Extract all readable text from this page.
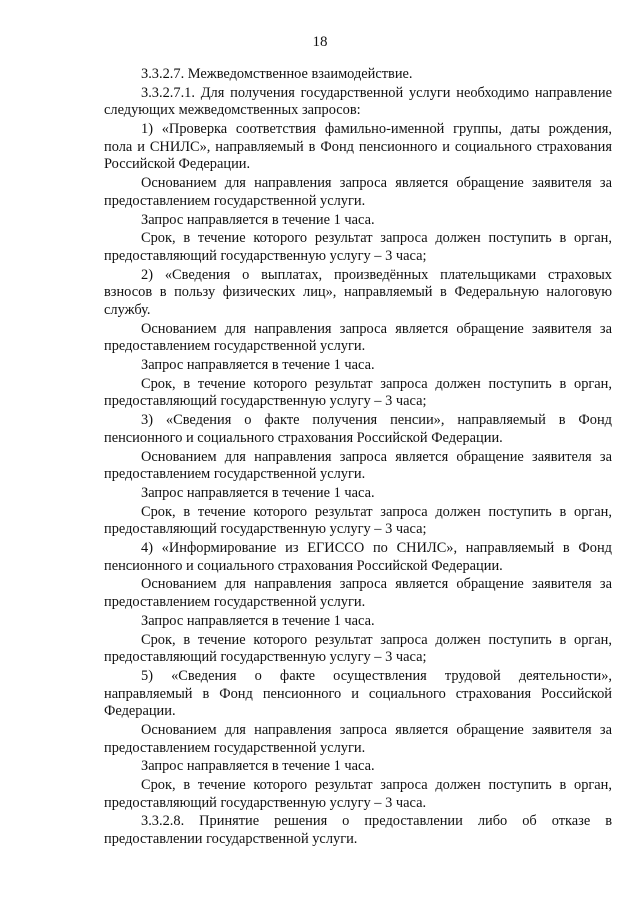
18

3.3.2.7. Межведомственное взаимодействие.

3.3.2.7.1. Для получения государственной услуги необходимо направление следующих межведомственных запросов:

1) «Проверка соответствия фамильно-именной группы, даты рождения, пола и СНИЛС», направляемый в Фонд пенсионного и социального страхования Российской Федерации.

Основанием для направления запроса является обращение заявителя за предоставлением государственной услуги.

Запрос направляется в течение 1 часа.

Срок, в течение которого результат запроса должен поступить в орган, предоставляющий государственную услугу – 3 часа;

2) «Сведения о выплатах, произведённых плательщиками страховых взносов в пользу физических лиц», направляемый в Федеральную налоговую службу.

Основанием для направления запроса является обращение заявителя за предоставлением государственной услуги.

Запрос направляется в течение 1 часа.

Срок, в течение которого результат запроса должен поступить в орган, предоставляющий государственную услугу – 3 часа;

3) «Сведения о факте получения пенсии», направляемый в Фонд пенсионного и социального страхования Российской Федерации.

Основанием для направления запроса является обращение заявителя за предоставлением государственной услуги.

Запрос направляется в течение 1 часа.

Срок, в течение которого результат запроса должен поступить в орган, предоставляющий государственную услугу – 3 часа;

4) «Информирование из ЕГИССО по СНИЛС», направляемый в Фонд пенсионного и социального страхования Российской Федерации.

Основанием для направления запроса является обращение заявителя за предоставлением государственной услуги.

Запрос направляется в течение 1 часа.

Срок, в течение которого результат запроса должен поступить в орган, предоставляющий государственную услугу – 3 часа;

5) «Сведения о факте осуществления трудовой деятельности», направляемый в Фонд пенсионного и социального страхования Российской Федерации.

Основанием для направления запроса является обращение заявителя за предоставлением государственной услуги.

Запрос направляется в течение 1 часа.

Срок, в течение которого результат запроса должен поступить в орган, предоставляющий государственную услугу – 3 часа.

3.3.2.8. Принятие решения о предоставлении либо об отказе в предоставлении государственной услуги.
